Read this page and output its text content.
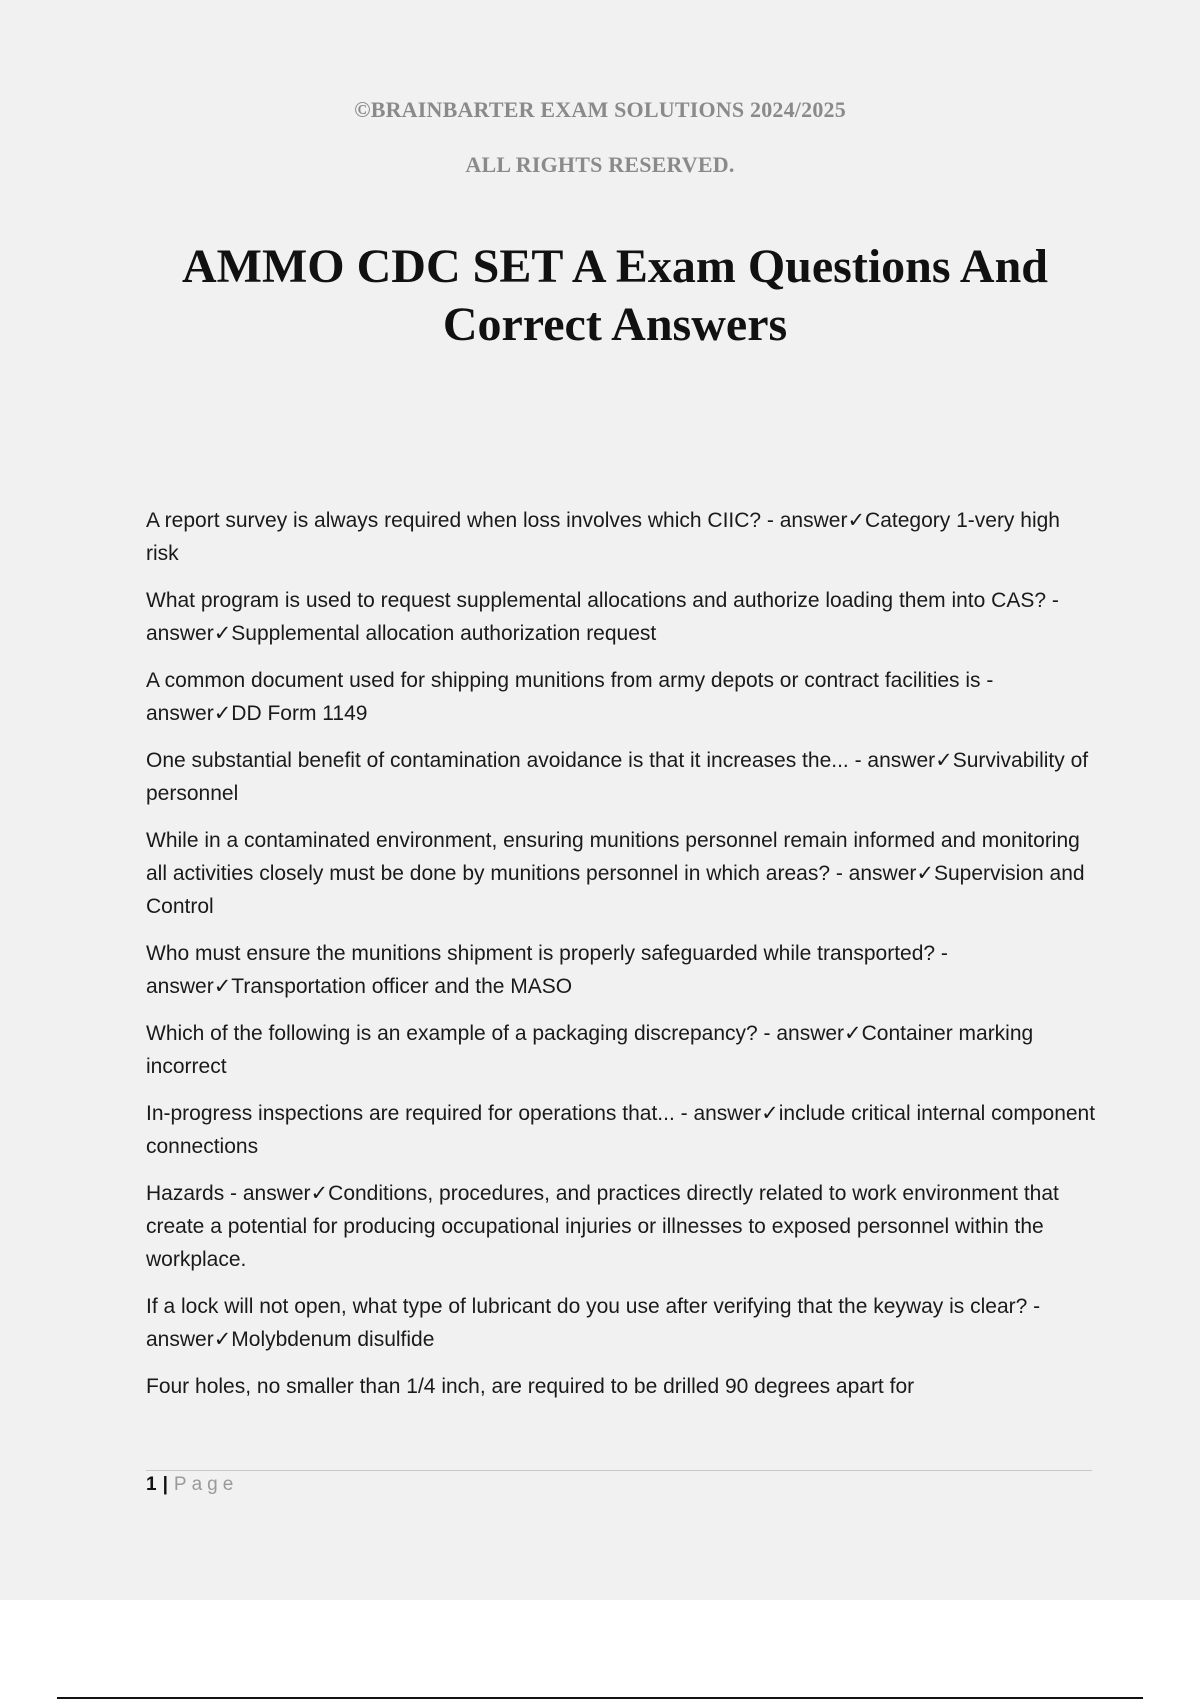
©BRAINBARTER EXAM SOLUTIONS 2024/2025
ALL RIGHTS RESERVED.
AMMO CDC SET A Exam Questions And Correct Answers
A report survey is always required when loss involves which CIIC? - answer✓Category 1-very high risk
What program is used to request supplemental allocations and authorize loading them into CAS? - answer✓Supplemental allocation authorization request
A common document used for shipping munitions from army depots or contract facilities is - answer✓DD Form 1149
One substantial benefit of contamination avoidance is that it increases the... - answer✓Survivability of personnel
While in a contaminated environment, ensuring munitions personnel remain informed and monitoring all activities closely must be done by munitions personnel in which areas? - answer✓Supervision and Control
Who must ensure the munitions shipment is properly safeguarded while transported? - answer✓Transportation officer and the MASO
Which of the following is an example of a packaging discrepancy? - answer✓Container marking incorrect
In-progress inspections are required for operations that... - answer✓include critical internal component connections
Hazards - answer✓Conditions, procedures, and practices directly related to work environment that create a potential for producing occupational injuries or illnesses to exposed personnel within the workplace.
If a lock will not open, what type of lubricant do you use after verifying that the keyway is clear? - answer✓Molybdenum disulfide
Four holes, no smaller than 1/4 inch, are required to be drilled 90 degrees apart for
1 | Page
